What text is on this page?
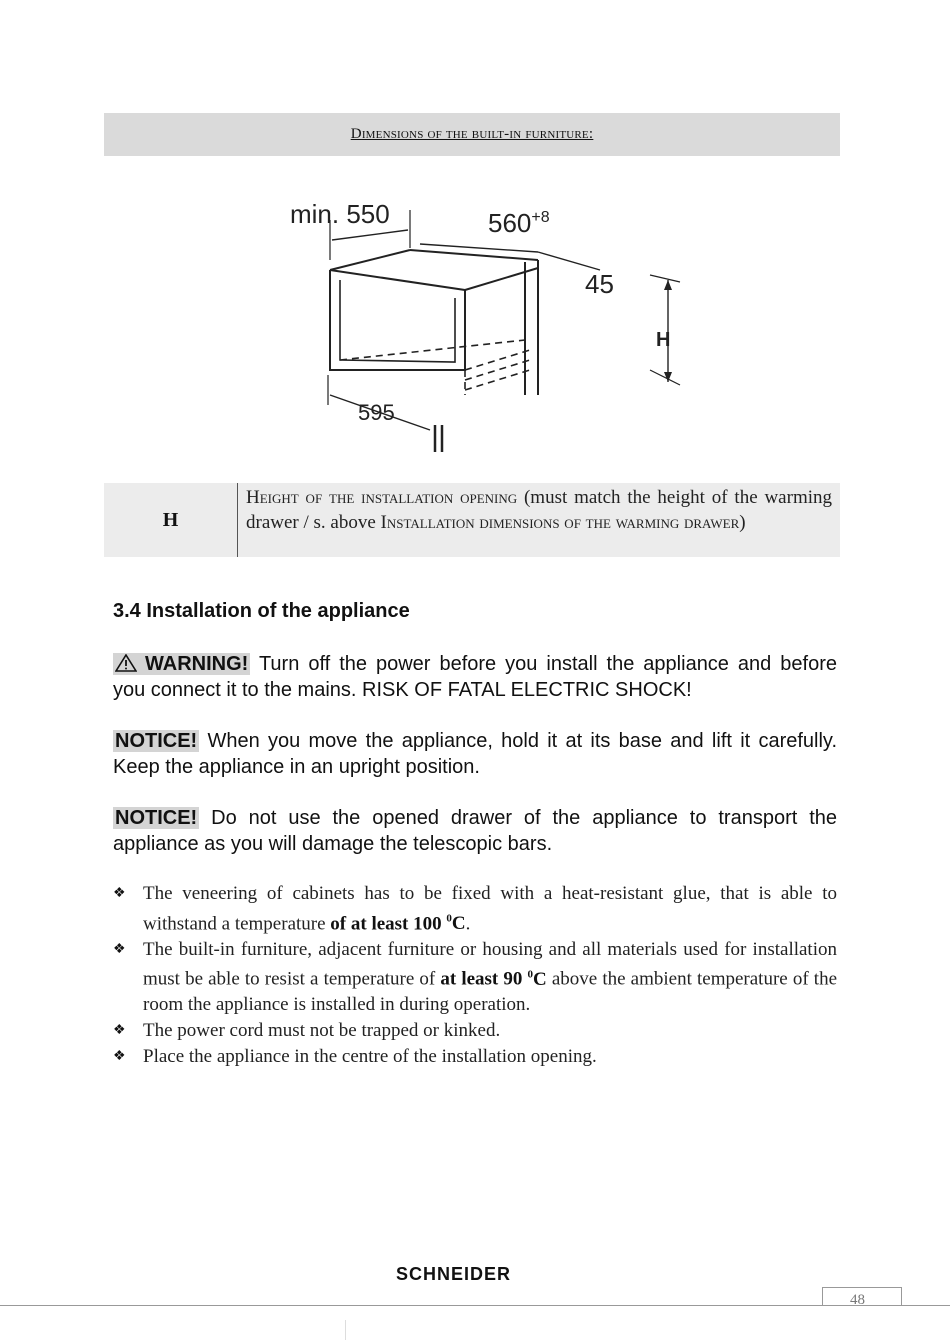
Dimensions of the built-in furniture:
min. 550	$560^{+8}$
45
H
595
H
Height of the installation opening (must match the height of the warming drawer / s. above Installation dimensions of the warming drawer)
3.4 Installation of the appliance
WARNING! Turn off the power before you install the appliance and before you connect it to the mains. RISK OF FATAL ELECTRIC SHOCK!
NOTICE! When you move the appliance, hold it at its base and lift it carefully. Keep the appliance in an upright position.
NOTICE! Do not use the opened drawer of the appliance to transport the appliance as you will damage the telescopic bars.
❖ The veneering of cabinets has to be fixed with a heat-resistant glue, that is able to withstand a temperature of at least 100 $^0$C.
❖ The built-in furniture, adjacent furniture or housing and all materials used for installation must be able to resist a temperature of at least 90 $^0$C above the ambient temperature of the room the appliance is installed in during operation.
❖ The power cord must not be trapped or kinked.
❖ Place the appliance in the centre of the installation opening.
SCHNEIDER
48
